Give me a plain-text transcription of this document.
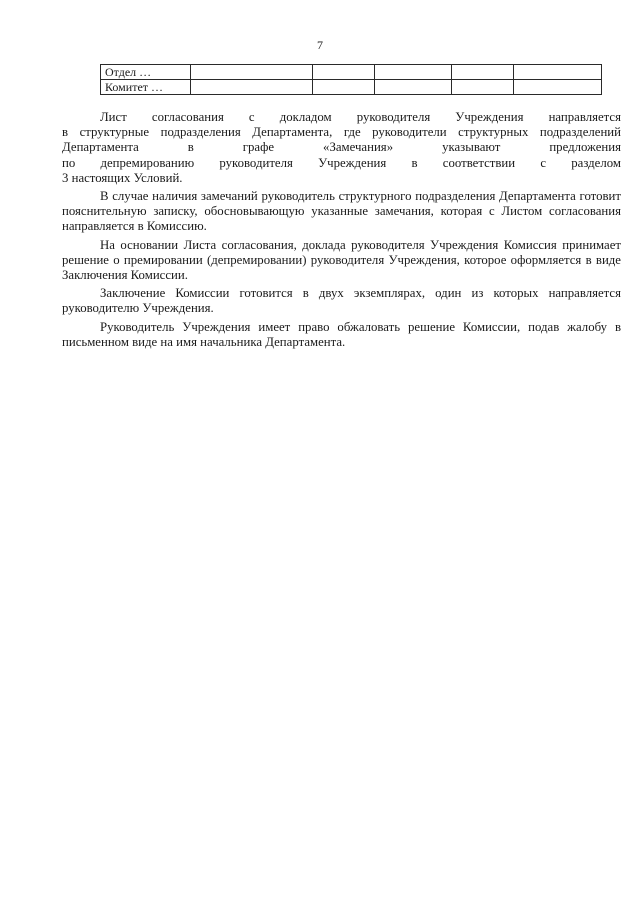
7
Отдел …					
Комитет …					
Лист согласования с докладом руководителя Учреждения направляется
в структурные подразделения Департамента, где руководители структурных подразделений
Департамента в графе «Замечания» указывают предложения
по депремированию руководителя Учреждения в соответствии с разделом
3 настоящих Условий.

В случае наличия замечаний руководитель структурного подразделения Департамента готовит пояснительную записку, обосновывающую указанные замечания, которая с Листом согласования направляется в Комиссию.

На основании Листа согласования, доклада руководителя Учреждения Комиссия принимает решение о премировании (депремировании) руководителя Учреждения, которое оформляется в виде Заключения Комиссии.

Заключение Комиссии готовится в двух экземплярах, один из которых направляется руководителю Учреждения.

Руководитель Учреждения имеет право обжаловать решение Комиссии, подав жалобу в письменном виде на имя начальника Департамента.
